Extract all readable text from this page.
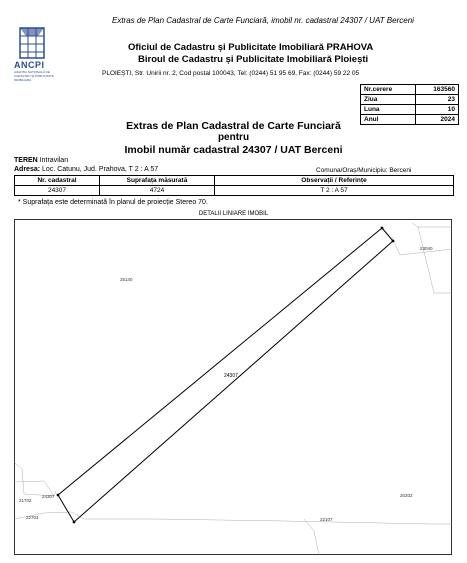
Extras de Plan Cadastral de Carte Funciară, imobil nr. cadastral 24307 / UAT Berceni
ANCPI
AGENȚIA NAȚIONALĂ DE CADASTRU ȘI PUBLICITATE IMOBILIARĂ
Oficiul de Cadastru și Publicitate Imobiliară PRAHOVA
Biroul de Cadastru și Publicitate Imobiliară Ploiești
PLOIEȘTI, Str. Unirii nr. 2, Cod postal 100043, Tel: (0244) 51 95 69, Fax: (0244) 59 22 05
Nr.cerere	163560
Ziua	23
Luna	10
Anul	2024
Extras de Plan Cadastral de Carte Funciară
pentru
Imobil număr cadastral 24307 / UAT Berceni
TEREN Intravilan
Adresa: Loc. Catunu, Jud. Prahova, T 2 : A 57	Comuna/Oraș/Municipiu: Berceni
Nr. cadastral	Suprafața măsurată	Observații / Referințe
24307	4724	T 2 : A 57
* Suprafața este determinată în planul de proiecție Stereo 70.
DETALII LINIARE IMOBIL
24307
25140
23040
24307
21702
22703	22107
20202
